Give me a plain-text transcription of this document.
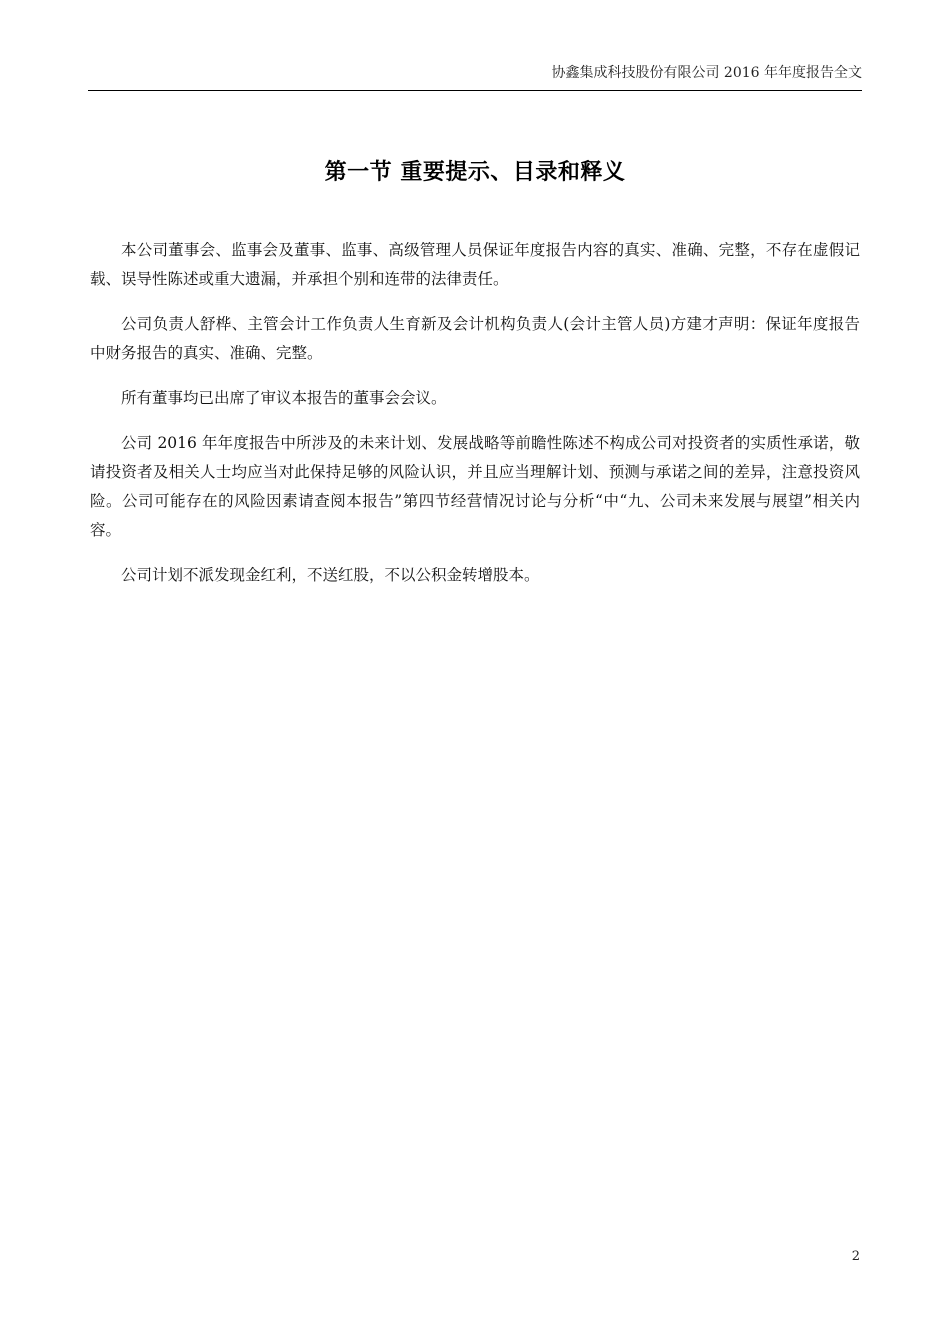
协鑫集成科技股份有限公司 2016 年年度报告全文
第一节 重要提示、目录和释义

本公司董事会、监事会及董事、监事、高级管理人员保证年度报告内容的真实、准确、完整，不存在虚假记载、误导性陈述或重大遗漏，并承担个别和连带的法律责任。

公司负责人舒桦、主管会计工作负责人生育新及会计机构负责人(会计主管人员)方建才声明：保证年度报告中财务报告的真实、准确、完整。

所有董事均已出席了审议本报告的董事会会议。

公司 2016 年年度报告中所涉及的未来计划、发展战略等前瞻性陈述不构成公司对投资者的实质性承诺，敬请投资者及相关人士均应当对此保持足够的风险认识，并且应当理解计划、预测与承诺之间的差异，注意投资风险。公司可能存在的风险因素请查阅本报告”第四节经营情况讨论与分析“中“九、公司未来发展与展望”相关内容。

公司计划不派发现金红利，不送红股，不以公积金转增股本。

2
